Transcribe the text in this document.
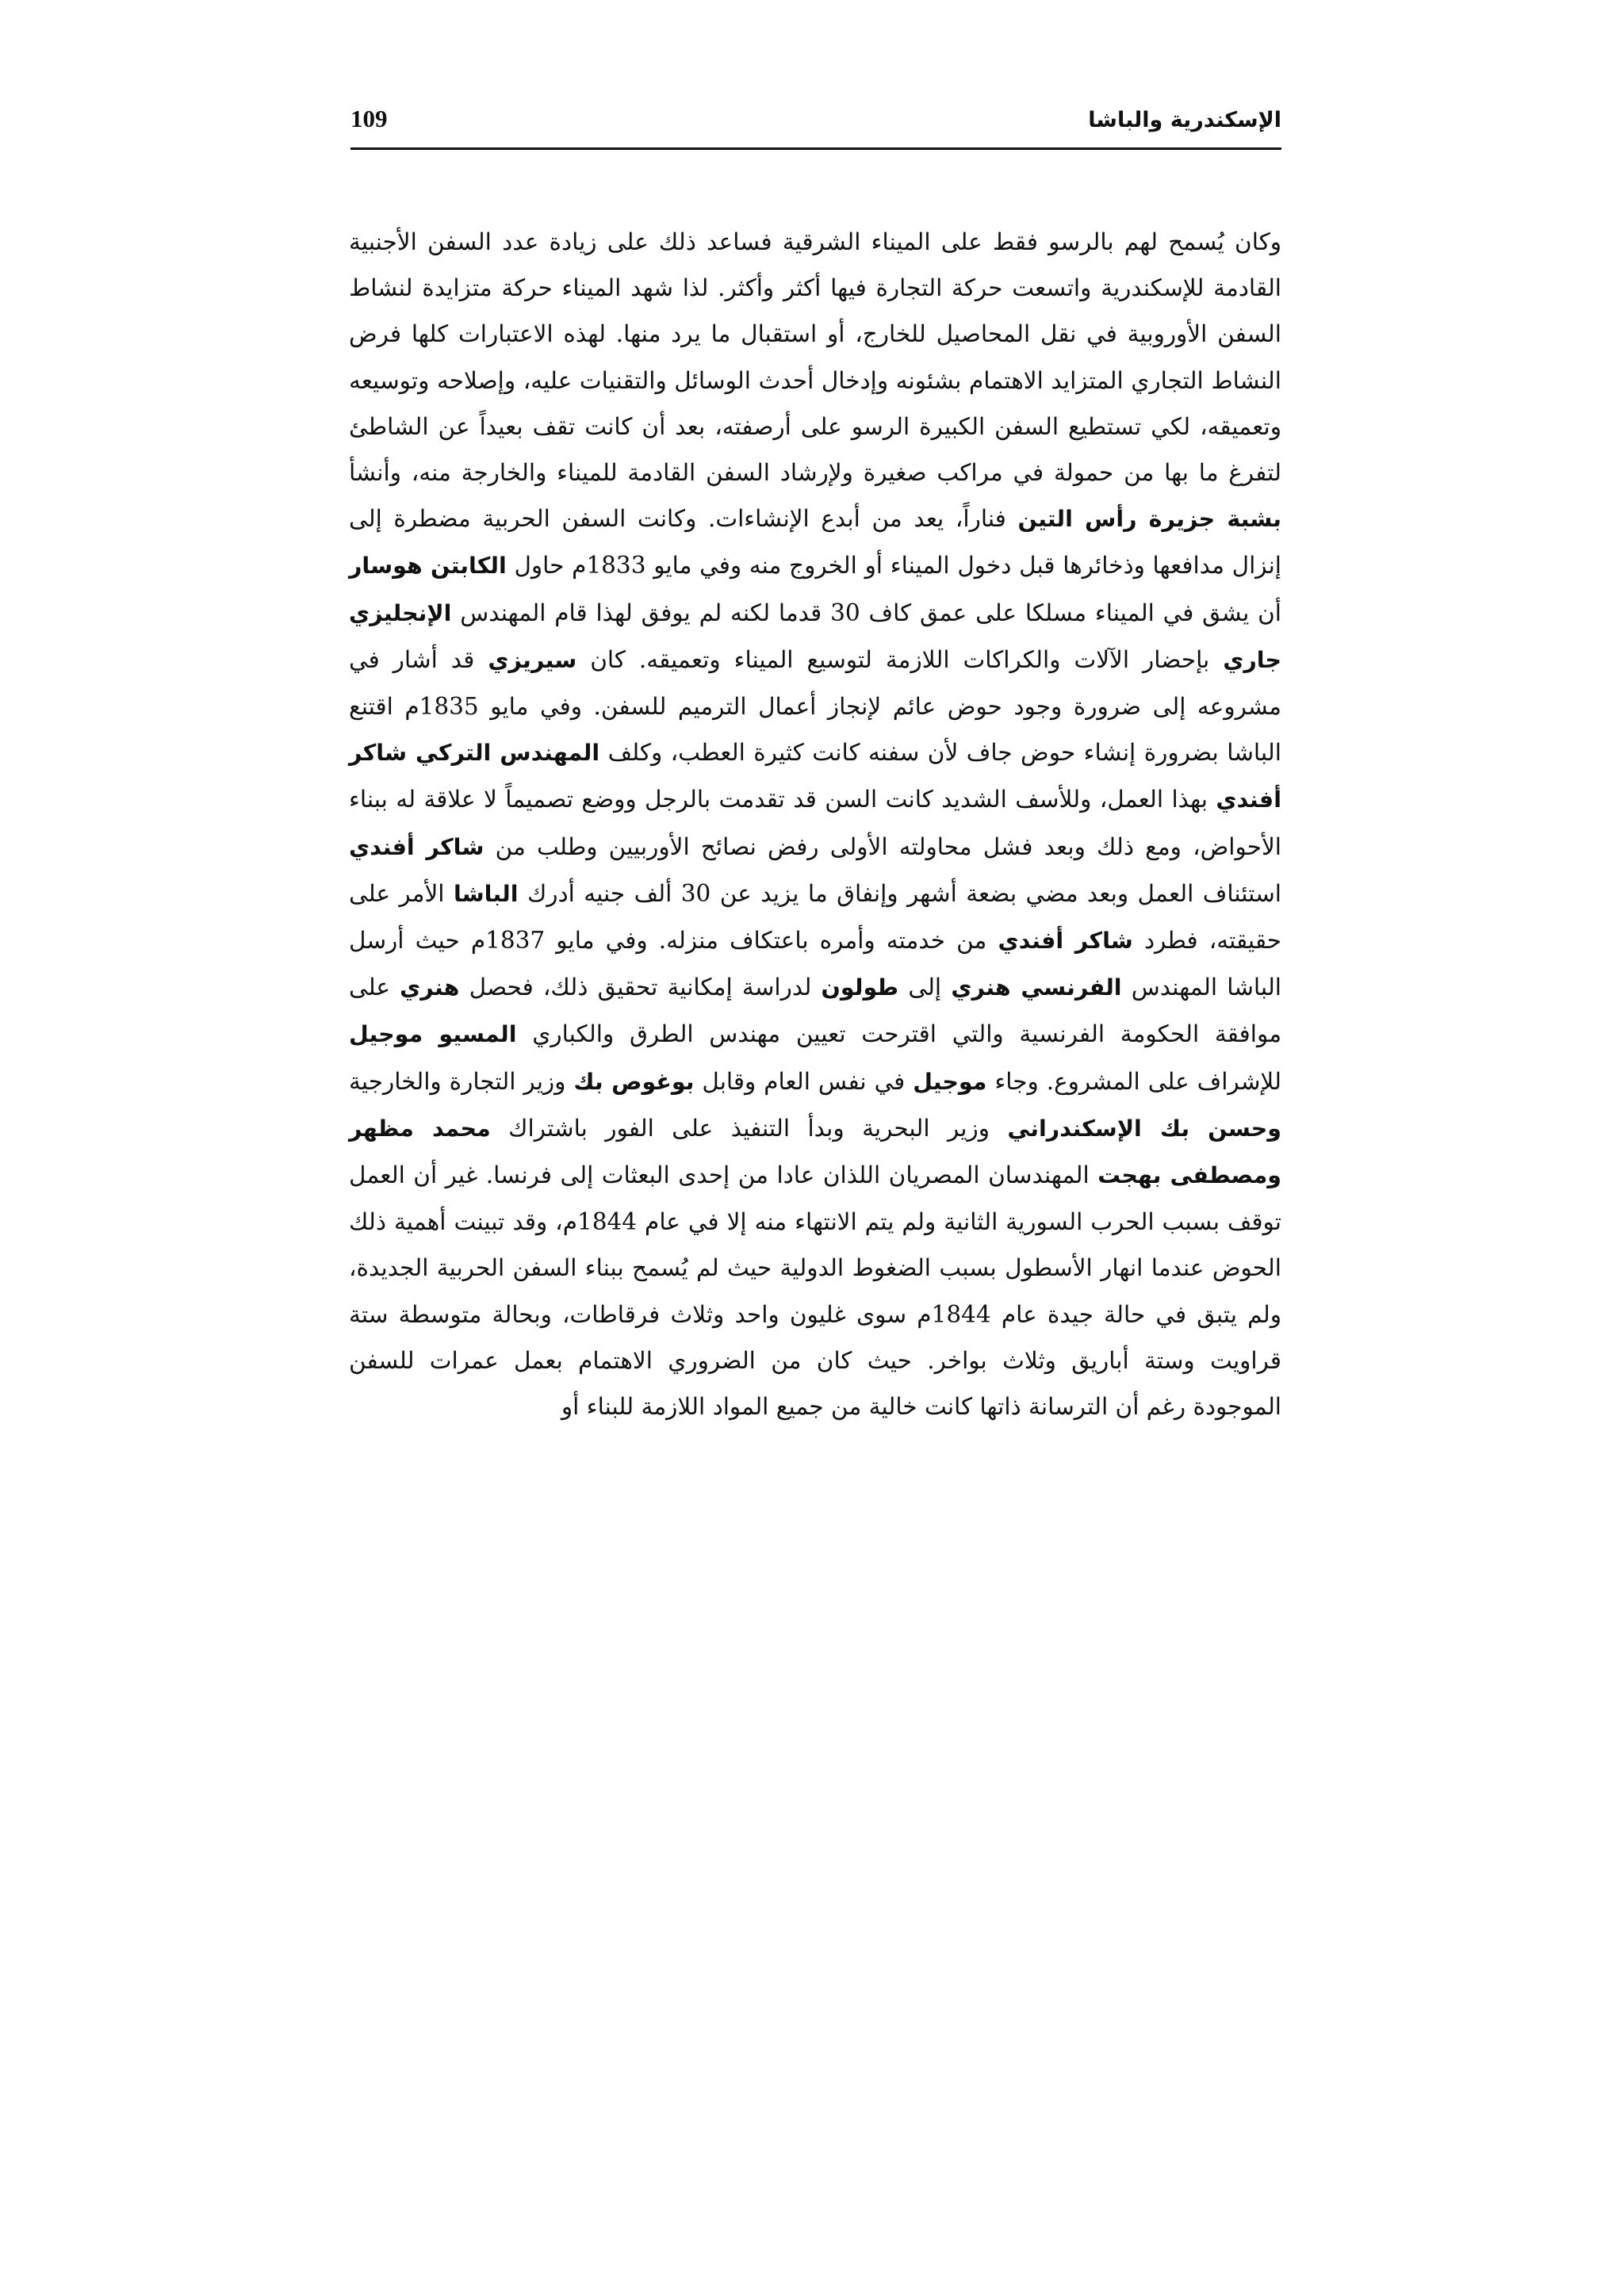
الإسكندرية والباشا
109
وكان يُسمح لهم بالرسو فقط على الميناء الشرقية فساعد ذلك على زيادة عدد السفن الأجنبية القادمة للإسكندرية واتسعت حركة التجارة فيها أكثر وأكثر. لذا شهد الميناء حركة متزايدة لنشاط السفن الأوروبية في نقل المحاصيل للخارج، أو استقبال ما يرد منها. لهذه الاعتبارات كلها فرض النشاط التجاري المتزايد الاهتمام بشئونه وإدخال أحدث الوسائل والتقنيات عليه، وإصلاحه وتوسيعه وتعميقه، لكي تستطيع السفن الكبيرة الرسو على أرصفته، بعد أن كانت تقف بعيداً عن الشاطئ لتفرغ ما بها من حمولة في مراكب صغيرة ولإرشاد السفن القادمة للميناء والخارجة منه، وأنشأ بشبة جزيرة رأس التين فناراً، يعد من أبدع الإنشاءات. وكانت السفن الحربية مضطرة إلى إنزال مدافعها وذخائرها قبل دخول الميناء أو الخروج منه وفي مايو 1833م حاول الكابتن هوسار أن يشق في الميناء مسلكا على عمق كاف 30 قدما لكنه لم يوفق لهذا قام المهندس الإنجليزي جاري بإحضار الآلات والكراكات اللازمة لتوسيع الميناء وتعميقه. كان سيريزي قد أشار في مشروعه إلى ضرورة وجود حوض عائم لإنجاز أعمال الترميم للسفن. وفي مايو 1835م اقتنع الباشا بضرورة إنشاء حوض جاف لأن سفنه كانت كثيرة العطب، وكلف المهندس التركي شاكر أفندي بهذا العمل، وللأسف الشديد كانت السن قد تقدمت بالرجل ووضع تصميماً لا علاقة له ببناء الأحواض، ومع ذلك وبعد فشل محاولته الأولى رفض نصائح الأوربيين وطلب من شاكر أفندي استئناف العمل وبعد مضي بضعة أشهر وإنفاق ما يزيد عن 30 ألف جنيه أدرك الباشا الأمر على حقيقته، فطرد شاكر أفندي من خدمته وأمره باعتكاف منزله. وفي مايو 1837م حيث أرسل الباشا المهندس الفرنسي هنري إلى طولون لدراسة إمكانية تحقيق ذلك، فحصل هنري على موافقة الحكومة الفرنسية والتي اقترحت تعيين مهندس الطرق والكباري المسيو موجيل للإشراف على المشروع. وجاء موجيل في نفس العام وقابل بوغوص بك وزير التجارة والخارجية وحسن بك الإسكندراني وزير البحرية وبدأ التنفيذ على الفور باشتراك محمد مظهر ومصطفى بهجت المهندسان المصريان اللذان عادا من إحدى البعثات إلى فرنسا. غير أن العمل توقف بسبب الحرب السورية الثانية ولم يتم الانتهاء منه إلا في عام 1844م، وقد تبينت أهمية ذلك الحوض عندما انهار الأسطول بسبب الضغوط الدولية حيث لم يُسمح ببناء السفن الحربية الجديدة، ولم يتبق في حالة جيدة عام 1844م سوى غليون واحد وثلاث فرقاطات، وبحالة متوسطة ستة قراويت وستة أباريق وثلاث بواخر. حيث كان من الضروري الاهتمام بعمل عمرات للسفن الموجودة رغم أن الترسانة ذاتها كانت خالية من جميع المواد اللازمة للبناء أو
